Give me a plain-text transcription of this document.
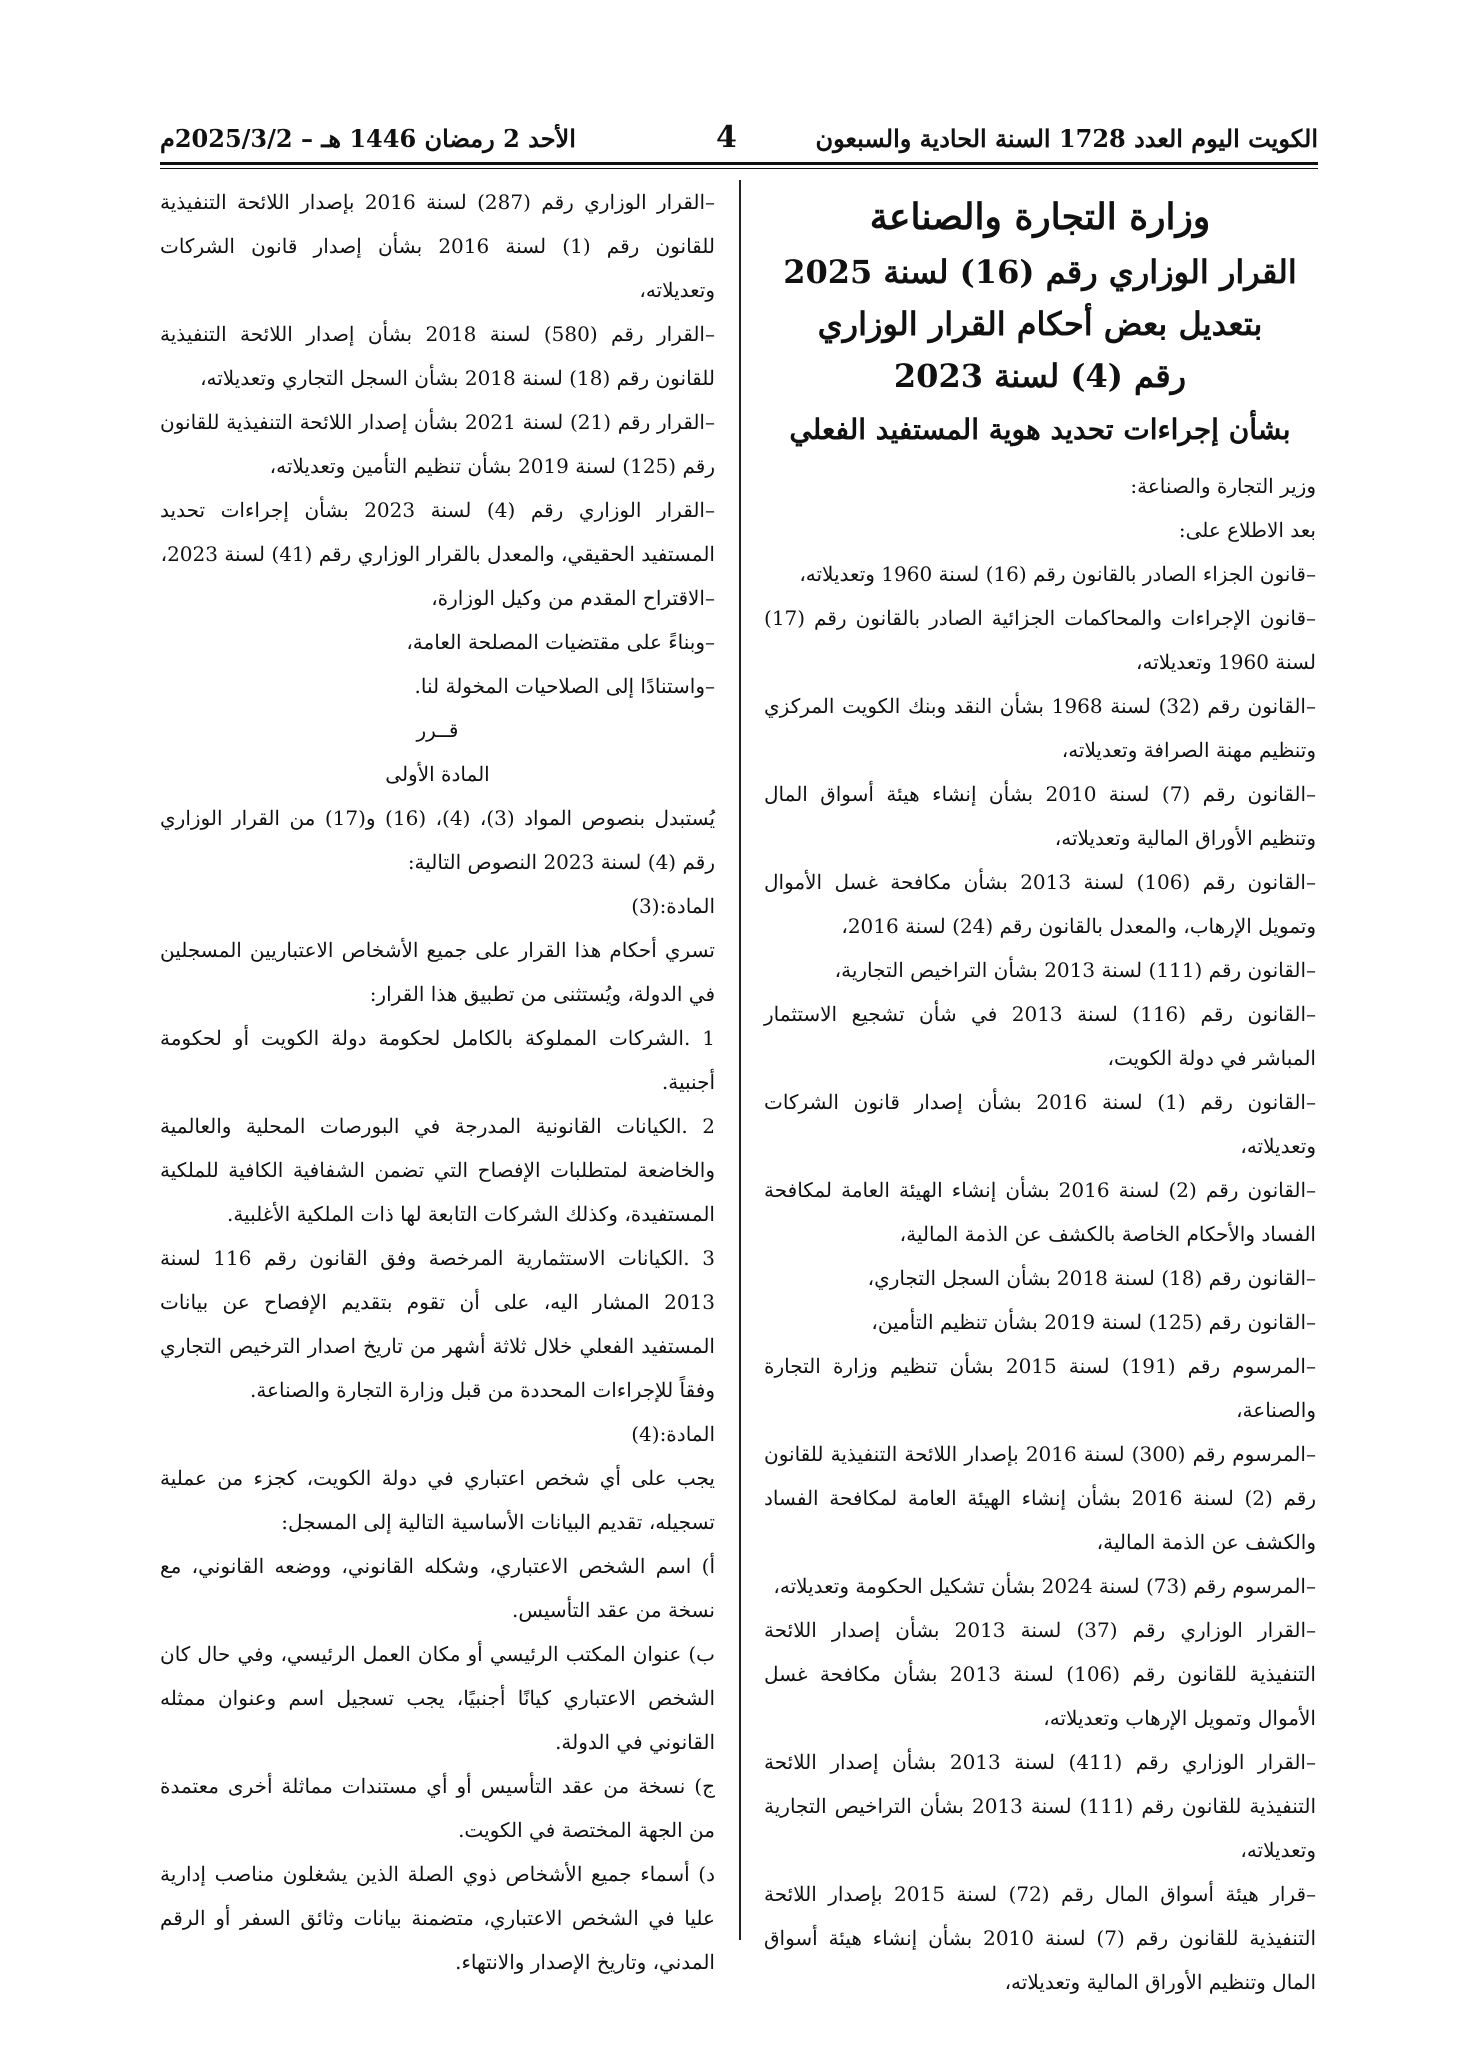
الكويت اليوم العدد 1728 السنة الحادية والسبعون
4
الأحد 2 رمضان 1446 هـ – 2025/3/2م

وزارة التجارة والصناعة

القرار الوزاري رقم (16) لسنة 2025

بتعديل بعض أحكام القرار الوزاري

رقم (4) لسنة 2023

بشأن إجراءات تحديد هوية المستفيد الفعلي

وزير التجارة والصناعة:

بعد الاطلاع على:

–قانون الجزاء الصادر بالقانون رقم (16) لسنة 1960 وتعديلاته،

–قانون الإجراءات والمحاكمات الجزائية الصادر بالقانون رقم (17) لسنة 1960 وتعديلاته،

–القانون رقم (32) لسنة 1968 بشأن النقد وبنك الكويت المركزي وتنظيم مهنة الصرافة وتعديلاته،

–القانون رقم (7) لسنة 2010 بشأن إنشاء هيئة أسواق المال وتنظيم الأوراق المالية وتعديلاته،

–القانون رقم (106) لسنة 2013 بشأن مكافحة غسل الأموال وتمويل الإرهاب، والمعدل بالقانون رقم (24) لسنة 2016،

–القانون رقم (111) لسنة 2013 بشأن التراخيص التجارية،

–القانون رقم (116) لسنة 2013 في شأن تشجيع الاستثمار المباشر في دولة الكويت،

–القانون رقم (1) لسنة 2016 بشأن إصدار قانون الشركات وتعديلاته،

–القانون رقم (2) لسنة 2016 بشأن إنشاء الهيئة العامة لمكافحة الفساد والأحكام الخاصة بالكشف عن الذمة المالية،

–القانون رقم (18) لسنة 2018 بشأن السجل التجاري،

–القانون رقم (125) لسنة 2019 بشأن تنظيم التأمين،

–المرسوم رقم (191) لسنة 2015 بشأن تنظيم وزارة التجارة والصناعة،

–المرسوم رقم (300) لسنة 2016 بإصدار اللائحة التنفيذية للقانون رقم (2) لسنة 2016 بشأن إنشاء الهيئة العامة لمكافحة الفساد والكشف عن الذمة المالية،

–المرسوم رقم (73) لسنة 2024 بشأن تشكيل الحكومة وتعديلاته،

–القرار الوزاري رقم (37) لسنة 2013 بشأن إصدار اللائحة التنفيذية للقانون رقم (106) لسنة 2013 بشأن مكافحة غسل الأموال وتمويل الإرهاب وتعديلاته،

–القرار الوزاري رقم (411) لسنة 2013 بشأن إصدار اللائحة التنفيذية للقانون رقم (111) لسنة 2013 بشأن التراخيص التجارية وتعديلاته،

–قرار هيئة أسواق المال رقم (72) لسنة 2015 بإصدار اللائحة التنفيذية للقانون رقم (7) لسنة 2010 بشأن إنشاء هيئة أسواق المال وتنظيم الأوراق المالية وتعديلاته،

–القرار الوزاري رقم (287) لسنة 2016 بإصدار اللائحة التنفيذية للقانون رقم (1) لسنة 2016 بشأن إصدار قانون الشركات وتعديلاته،

–القرار رقم (580) لسنة 2018 بشأن إصدار اللائحة التنفيذية للقانون رقم (18) لسنة 2018 بشأن السجل التجاري وتعديلاته،

–القرار رقم (21) لسنة 2021 بشأن إصدار اللائحة التنفيذية للقانون رقم (125) لسنة 2019 بشأن تنظيم التأمين وتعديلاته،

–القرار الوزاري رقم (4) لسنة 2023 بشأن إجراءات تحديد المستفيد الحقيقي، والمعدل بالقرار الوزاري رقم (41) لسنة 2023،

–الاقتراح المقدم من وكيل الوزارة،

–وبناءً على مقتضيات المصلحة العامة،

–واستنادًا إلى الصلاحيات المخولة لنا.

قــرر

المادة الأولى

يُستبدل بنصوص المواد (3)، (4)، (16) و(17) من القرار الوزاري رقم (4) لسنة 2023 النصوص التالية:

المادة:(3)

تسري أحكام هذا القرار على جميع الأشخاص الاعتباريين المسجلين في الدولة، ويُستثنى من تطبيق هذا القرار:

1 .الشركات المملوكة بالكامل لحكومة دولة الكويت أو لحكومة أجنبية.

2 .الكيانات القانونية المدرجة في البورصات المحلية والعالمية والخاضعة لمتطلبات الإفصاح التي تضمن الشفافية الكافية للملكية المستفيدة، وكذلك الشركات التابعة لها ذات الملكية الأغلبية.

3 .الكيانات الاستثمارية المرخصة وفق القانون رقم 116 لسنة 2013 المشار اليه، على أن تقوم بتقديم الإفصاح عن بيانات المستفيد الفعلي خلال ثلاثة أشهر من تاريخ اصدار الترخيص التجاري وفقاً للإجراءات المحددة من قبل وزارة التجارة والصناعة.

المادة:(4)

يجب على أي شخص اعتباري في دولة الكويت، كجزء من عملية تسجيله، تقديم البيانات الأساسية التالية إلى المسجل:

أ) اسم الشخص الاعتباري، وشكله القانوني، ووضعه القانوني، مع نسخة من عقد التأسيس.

ب) عنوان المكتب الرئيسي أو مكان العمل الرئيسي، وفي حال كان الشخص الاعتباري كيانًا أجنبيًا، يجب تسجيل اسم وعنوان ممثله القانوني في الدولة.

ج) نسخة من عقد التأسيس أو أي مستندات مماثلة أخرى معتمدة من الجهة المختصة في الكويت.

د) أسماء جميع الأشخاص ذوي الصلة الذين يشغلون مناصب إدارية عليا في الشخص الاعتباري، متضمنة بيانات وثائق السفر أو الرقم المدني، وتاريخ الإصدار والانتهاء.
